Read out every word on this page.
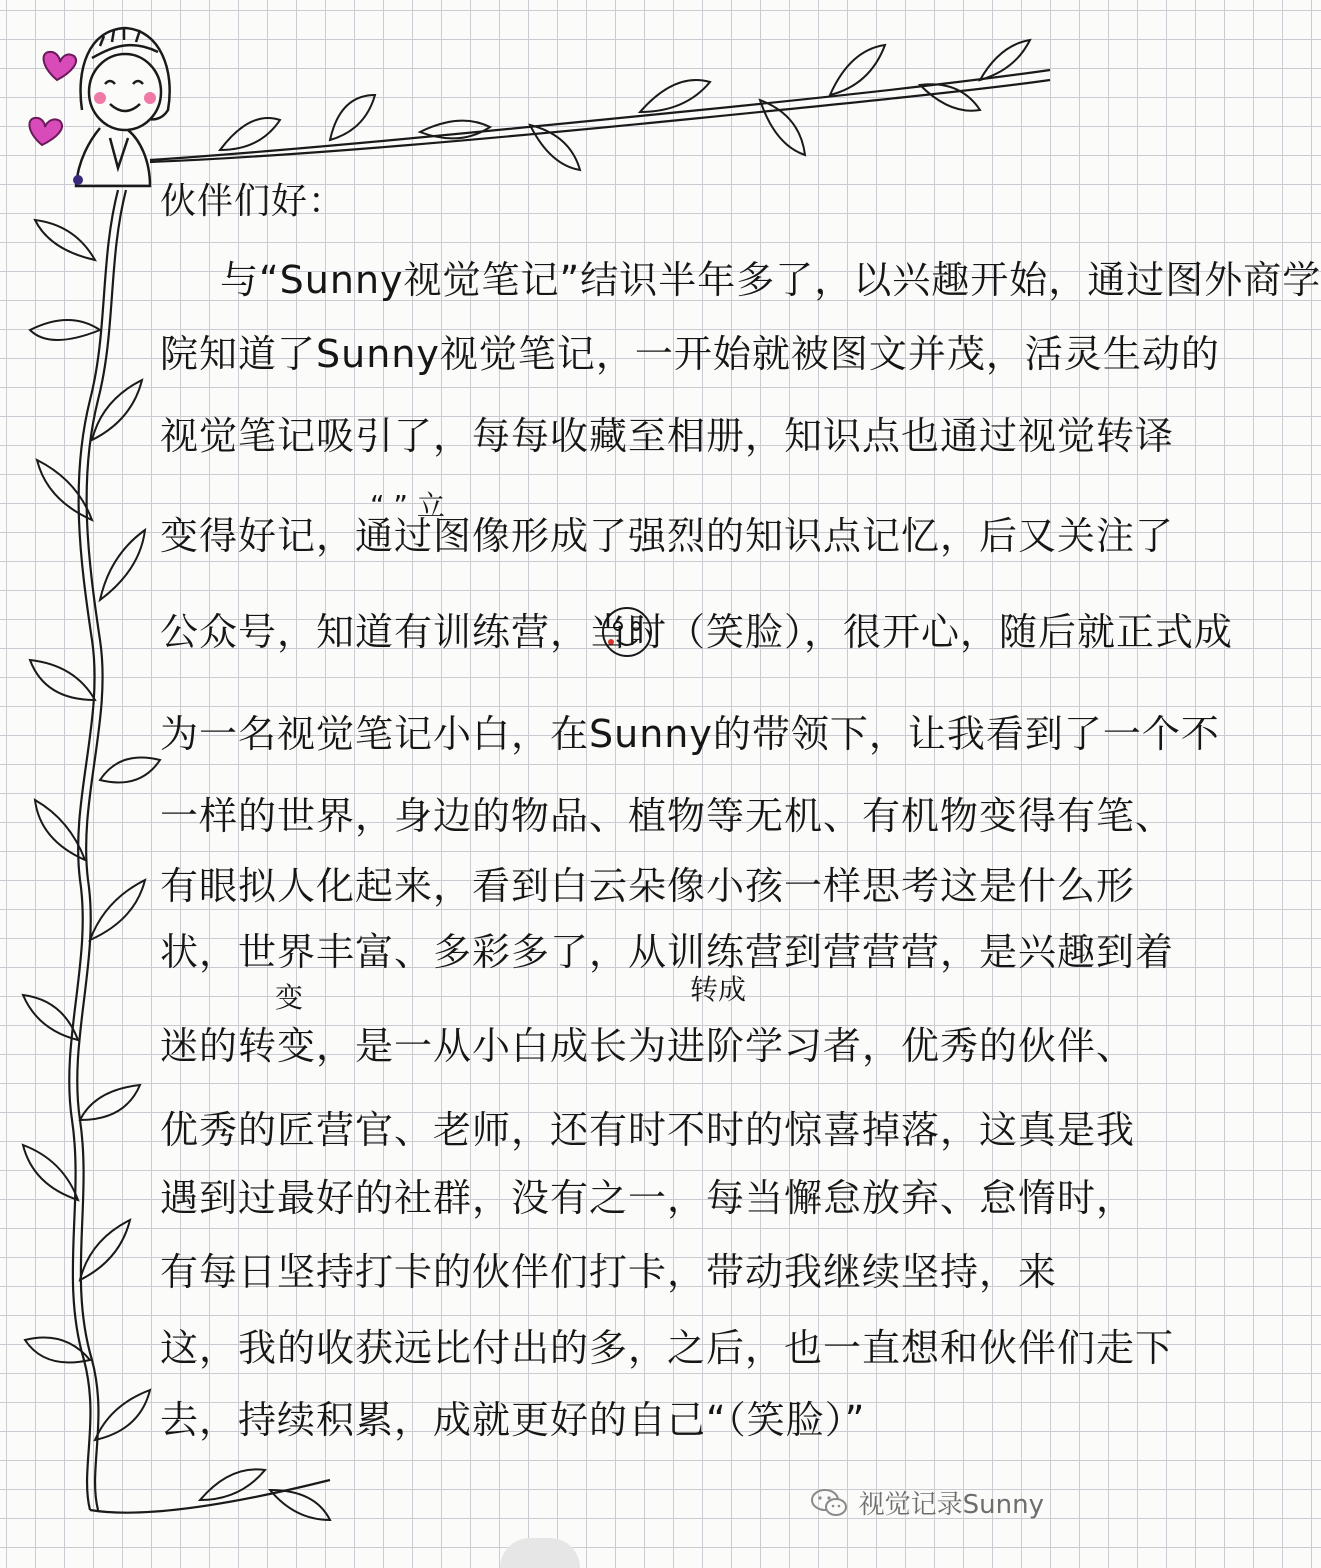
伙伴们好：
与“Sunny视觉笔记”结识半年多了，以兴趣开始，通过图外商学
院知道了Sunny视觉笔记，一开始就被图文并茂，活灵生动的
视觉笔记吸引了，每每收藏至相册，知识点也通过视觉转译
“ ” 立
变得好记，通过图像形成了强烈的知识点记忆，后又关注了
公众号，知道有训练营，当时（笑脸），很开心，随后就正式成
为一名视觉笔记小白，在Sunny的带领下，让我看到了一个不
一样的世界，身边的物品、植物等无机、有机物变得有笔、
有眼拟人化起来，看到白云朵像小孩一样思考这是什么形
状，世界丰富、多彩多了，从训练营到营营营，是兴趣到着
变	转成
迷的转变，是一从小白成长为进阶学习者，优秀的伙伴、
优秀的匠营官、老师，还有时不时的惊喜掉落，这真是我
遇到过最好的社群，没有之一，每当懈怠放弃、怠惰时，
有每日坚持打卡的伙伴们打卡，带动我继续坚持，来
这，我的收获远比付出的多，之后，也一直想和伙伴们走下
去，持续积累，成就更好的自己“（笑脸）”
视觉记录Sunny
